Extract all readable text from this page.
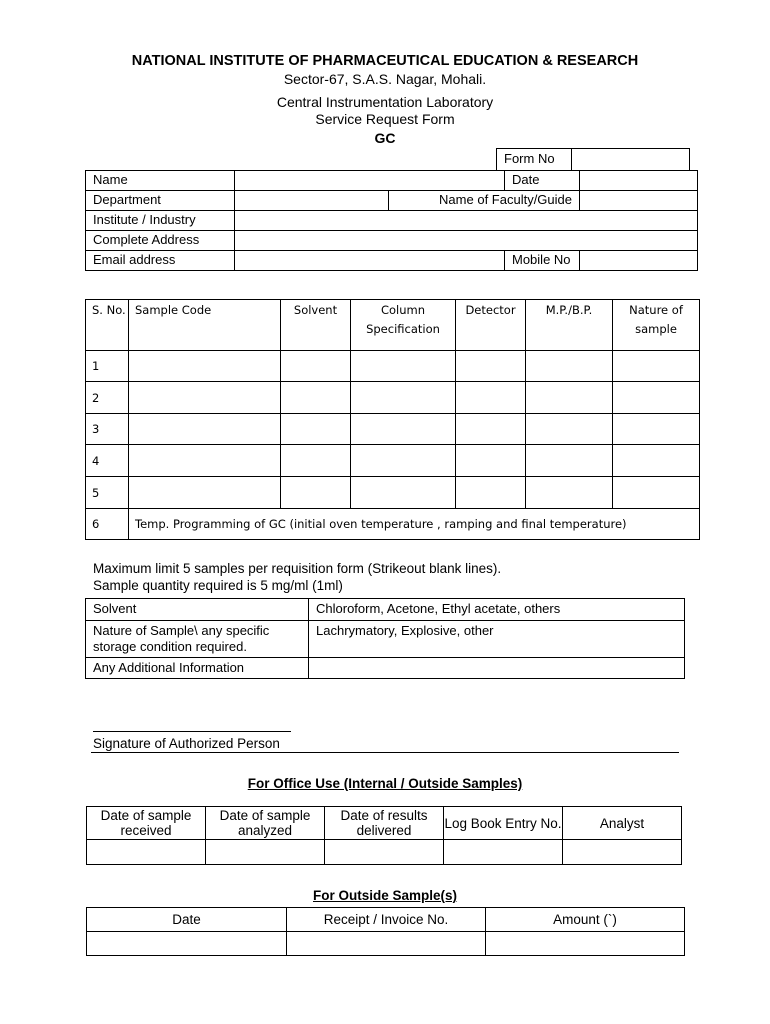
NATIONAL INSTITUTE OF PHARMACEUTICAL EDUCATION & RESEARCH
Sector-67, S.A.S. Nagar, Mohali.
Central Instrumentation Laboratory
Service Request Form
GC
Form No	
Name			Date	
Department		Name of Faculty/Guide		
Institute / Industry				
Complete Address				
Email address			Mobile No	
S. No.	Sample Code	Solvent	Column Specification	Detector	M.P./B.P.	Nature of sample
1						
2						
3						
4						
5						
6	Temp. Programming of GC (initial oven temperature , ramping and final temperature)					
Maximum limit 5 samples per requisition form (Strikeout blank lines).
Sample quantity required is 5 mg/ml (1ml)
Solvent	Chloroform, Acetone, Ethyl acetate, others
Nature of Sample\ any specific storage condition required.	Lachrymatory, Explosive, other
Any Additional Information	
Signature of Authorized Person
For Office Use (Internal / Outside Samples)
Date of sample received	Date of sample analyzed	Date of results delivered	Log Book Entry No.	Analyst

For Outside Sample(s)
Date	Receipt / Invoice No.	Amount (`)
